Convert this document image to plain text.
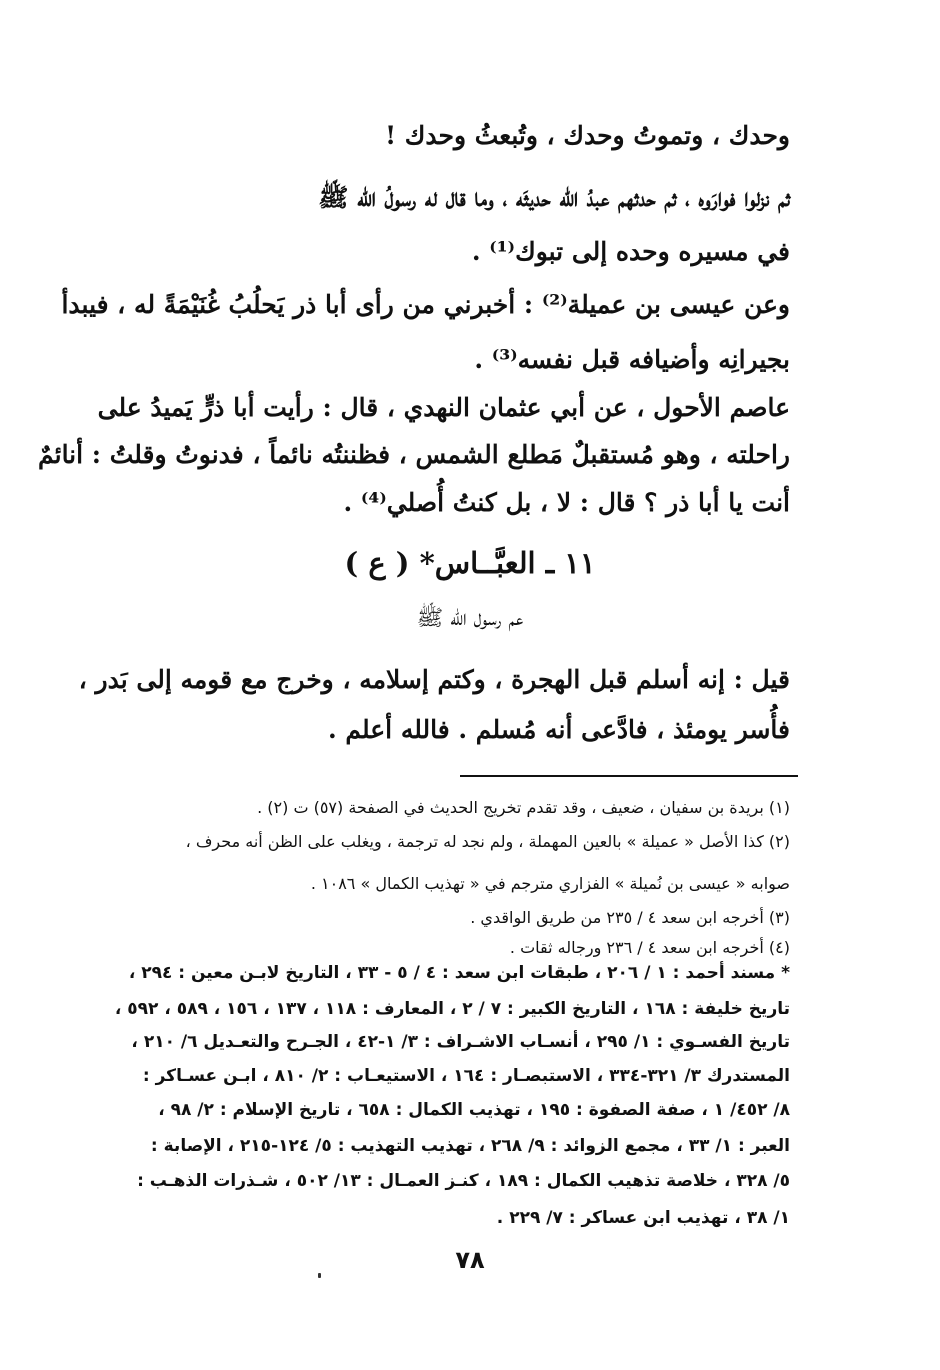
وحدك ، وتموتُ وحدك ، وتُبعثُ وحدك !
ثم نزلوا فوارَوه ، ثم حدثهم عبدُ الله حديثَه ، وما قال له رسولُ الله ﷺ
في مسيره وحده إلى تبوك⁽¹⁾ .
وعن عيسى بن عميلة⁽²⁾ : أخبرني من رأى أبا ذر يَحلُبُ غُنَيْمَةً له ، فيبدأ
بجيرانِه وأضيافه قبل نفسه⁽³⁾ .
عاصم الأحول ، عن أبي عثمان النهدي ، قال : رأيت أبا ذرٍّ يَميدُ على
راحلته ، وهو مُستقبلٌ مَطلع الشمس ، فظننتُه نائماً ، فدنوتُ وقلتُ : أنائمٌ
أنت يا أبا ذر ؟ قال : لا ، بل كنتُ أُصلي⁽⁴⁾ .
١١ ـ العبَّــاس* ( ع )
عم رسول الله ﷺ
قيل : إنه أسلم قبل الهجرة ، وكتم إسلامه ، وخرج مع قومه إلى بَدر ،
فأُسر يومئذ ، فادَّعى أنه مُسلم . فالله أعلم .
(١) بريدة بن سفيان ، ضعيف ، وقد تقدم تخريج الحديث في الصفحة (٥٧) ت (٢) .
(٢) كذا الأصل « عميلة » بالعين المهملة ، ولم نجد له ترجمة ، ويغلب على الظن أنه محرف ،
صوابه « عيسى بن نُميلة » الفزاري مترجم في « تهذيب الكمال » ١٠٨٦ .
(٣) أخرجه ابن سعد ٤ / ٢٣٥ من طريق الواقدي .
(٤) أخرجه ابن سعد ٤ / ٢٣٦ ورجاله ثقات .
* مسند أحمد : ١ / ٢٠٦ ، طبقات ابن سعد : ٤ / ٥ - ٣٣ ، التاريخ لابـن معين : ٢٩٤ ،
تاريخ خليفة : ١٦٨ ، التاريخ الكبير : ٧ / ٢ ، المعارف : ١١٨ ، ١٣٧ ، ١٥٦ ، ٥٨٩ ، ٥٩٢ ،
تاريخ الفسـوي : ١/ ٢٩٥ ، أنسـاب الاشـراف : ٣/ ١-٤٢ ، الجـرح والتعـديل ٦/ ٢١٠ ،
المستدرك ٣/ ٣٢١-٣٣٤ ، الاستبصـار : ١٦٤ ، الاستيعـاب : ٢/ ٨١٠ ، ابـن عسـاكر :
٨/ ٤٥٢/ ١ ، صفة الصفوة : ١٩٥ ، تهذيب الكمال : ٦٥٨ ، تاريخ الإسلام : ٢/ ٩٨ ،
العبر : ١/ ٣٣ ، مجمع الزوائد : ٩/ ٢٦٨ ، تهذيب التهذيب : ٥/ ١٢٤-٢١٥ ، الإصابة :
٥/ ٣٢٨ ، خلاصة تذهيب الكمال : ١٨٩ ، كنـز العمـال : ١٣/ ٥٠٢ ، شـذرات الذهـب :
١/ ٣٨ ، تهذيب ابن عساكر : ٧/ ٢٢٩ .
٧٨
